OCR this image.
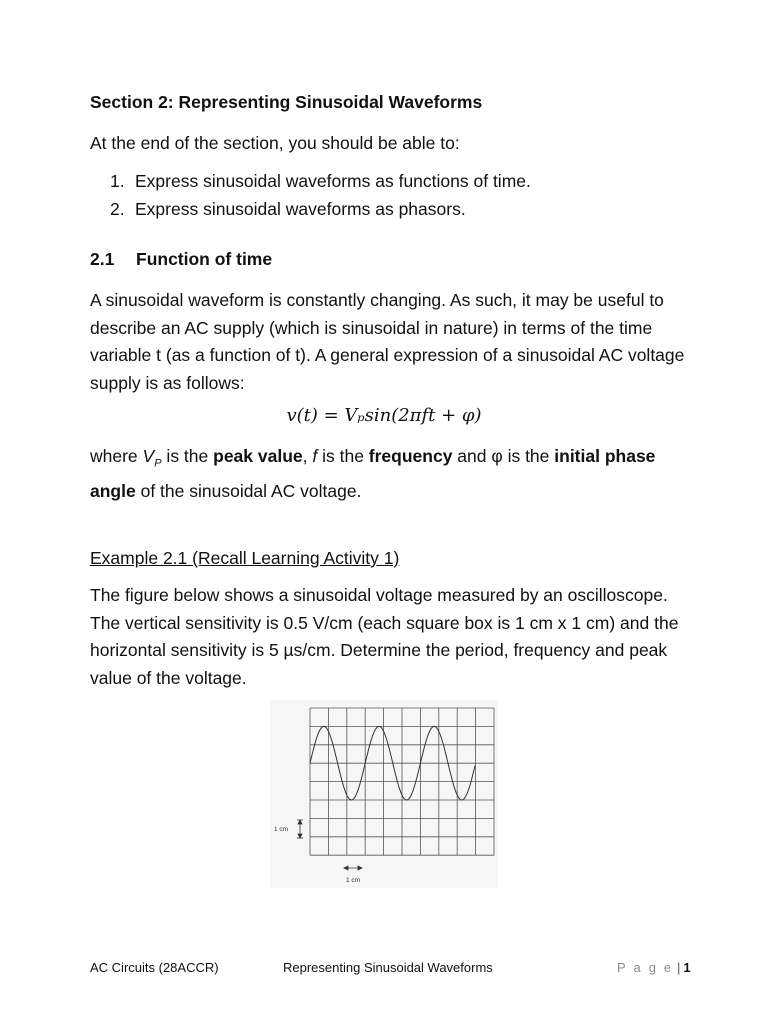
Section 2: Representing Sinusoidal Waveforms
At the end of the section, you should be able to:
1. Express sinusoidal waveforms as functions of time.
2. Express sinusoidal waveforms as phasors.
2.1 Function of time
A sinusoidal waveform is constantly changing. As such, it may be useful to describe an AC supply (which is sinusoidal in nature) in terms of the time variable t (as a function of t). A general expression of a sinusoidal AC voltage supply is as follows:
v(t) = Vₚsin(2πft + φ)
where $V_P$ is the peak value, f is the frequency and φ is the initial phase angle of the sinusoidal AC voltage.
Example 2.1 (Recall Learning Activity 1)
The figure below shows a sinusoidal voltage measured by an oscilloscope. The vertical sensitivity is 0.5 V/cm (each square box is 1 cm x 1 cm) and the horizontal sensitivity is 5 µs/cm. Determine the period, frequency and peak value of the voltage.
1 cm
1 cm
AC Circuits (28ACCR)	Representing Sinusoidal Waveforms	P a g e | 1
